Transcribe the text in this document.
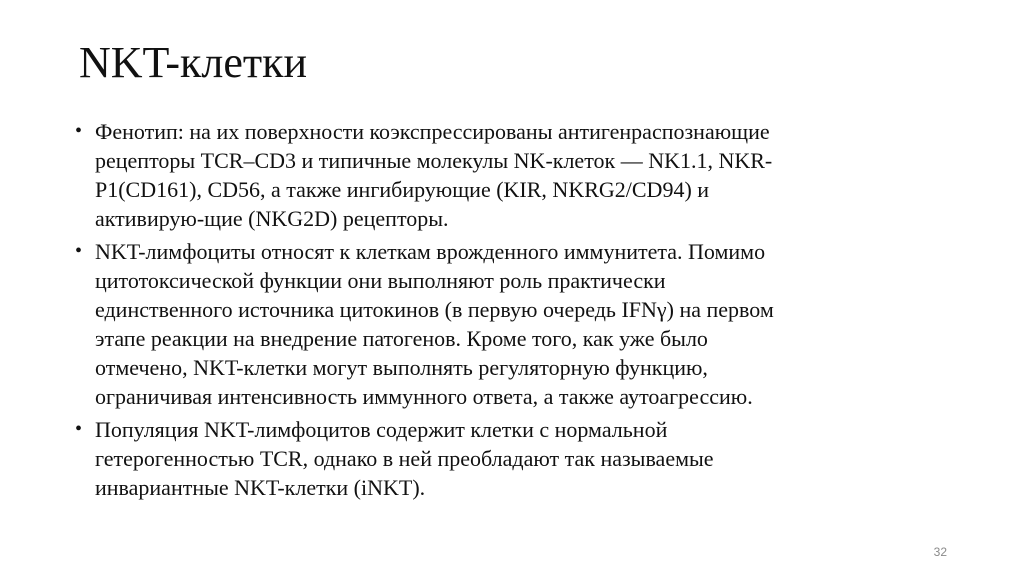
NKT-клетки
• Фенотип: на их поверхности коэкспрессированы антигенраспознающие
рецепторы TCR–CD3 и типичные молекулы NK-клеток — NK1.1, NKR-
P1(CD161), CD56, а также ингибирующие (KIR, NKRG2/CD94) и
активирую-щие (NKG2D) рецепторы.
• NKT-лимфоциты относят к клеткам врожденного иммунитета. Помимо
цитотоксической функции они выполняют роль практически
единственного источника цитокинов (в первую очередь IFNγ) на первом
этапе реакции на внедрение патогенов. Кроме того, как уже было
отмечено, NKT-клетки могут выполнять регуляторную функцию,
ограничивая интенсивность иммунного ответа, а также аутоагрессию.
• Популяция NKT-лимфоцитов содержит клетки с нормальной
гетерогенностью TCR, однако в ней преобладают так называемые
инвариантные NKT-клетки (iNKT).
32
